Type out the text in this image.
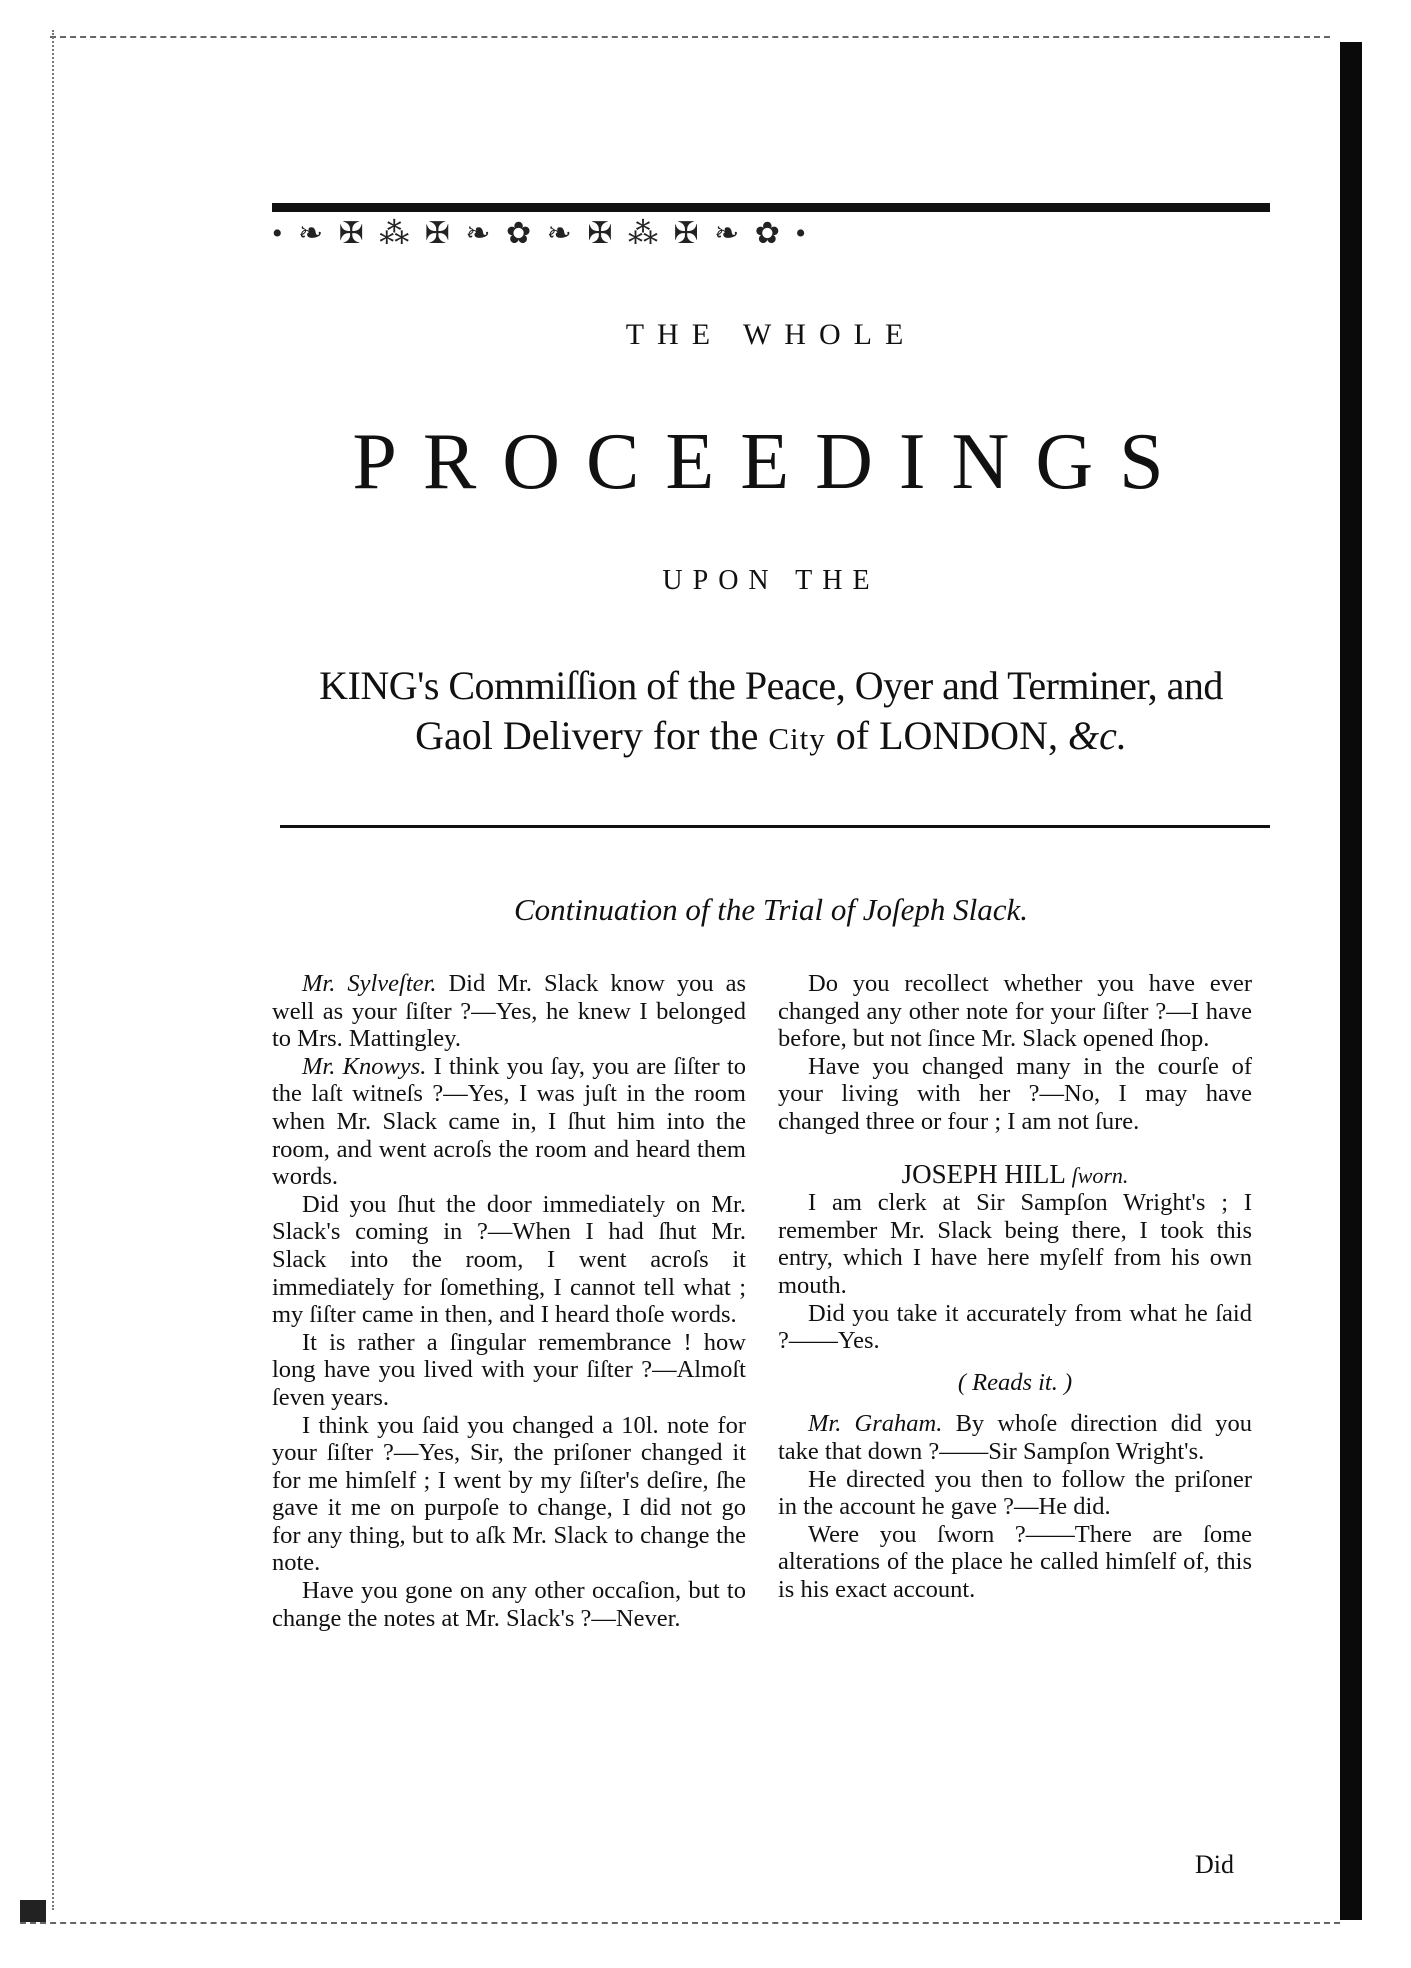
• ❧ ✠ ⁂ ✠ ❧ ✿ ❧ ✠ ⁂ ✠ ❧ ✿ •
THE WHOLE
PROCEEDINGS
UPON THE
KING's Commiſſion of the Peace, Oyer and Terminer, and
Gaol Delivery for the City of LONDON, &c.
Continuation of the Trial of Joſeph Slack.

Mr. Sylveſter. Did Mr. Slack know you as well as your ſiſter ?—Yes, he knew I belonged to Mrs. Mattingley.

Mr. Knowys. I think you ſay, you are ſiſter to the laſt witneſs ?—Yes, I was juſt in the room when Mr. Slack came in, I ſhut him into the room, and went acroſs the room and heard them words.

Did you ſhut the door immediately on Mr. Slack's coming in ?—When I had ſhut Mr. Slack into the room, I went acroſs it immediately for ſomething, I cannot tell what ; my ſiſter came in then, and I heard thoſe words.

It is rather a ſingular remembrance ! how long have you lived with your ſiſter ?—Almoſt ſeven years.

I think you ſaid you changed a 10l. note for your ſiſter ?—Yes, Sir, the priſoner changed it for me himſelf ; I went by my ſiſter's deſire, ſhe gave it me on purpoſe to change, I did not go for any thing, but to aſk Mr. Slack to change the note.

Have you gone on any other occaſion, but to change the notes at Mr. Slack's ?—Never.

Do you recollect whether you have ever changed any other note for your ſiſter ?—I have before, but not ſince Mr. Slack opened ſhop.

Have you changed many in the courſe of your living with her ?—No, I may have changed three or four ; I am not ſure.

JOSEPH HILL ſworn.

I am clerk at Sir Sampſon Wright's ; I remember Mr. Slack being there, I took this entry, which I have here myſelf from his own mouth.

Did you take it accurately from what he ſaid ?——Yes.

( Reads it. )

Mr. Graham. By whoſe direction did you take that down ?——Sir Sampſon Wright's.

He directed you then to follow the priſoner in the account he gave ?—He did.

Were you ſworn ?——There are ſome alterations of the place he called himſelf of, this is his exact account.

Did
